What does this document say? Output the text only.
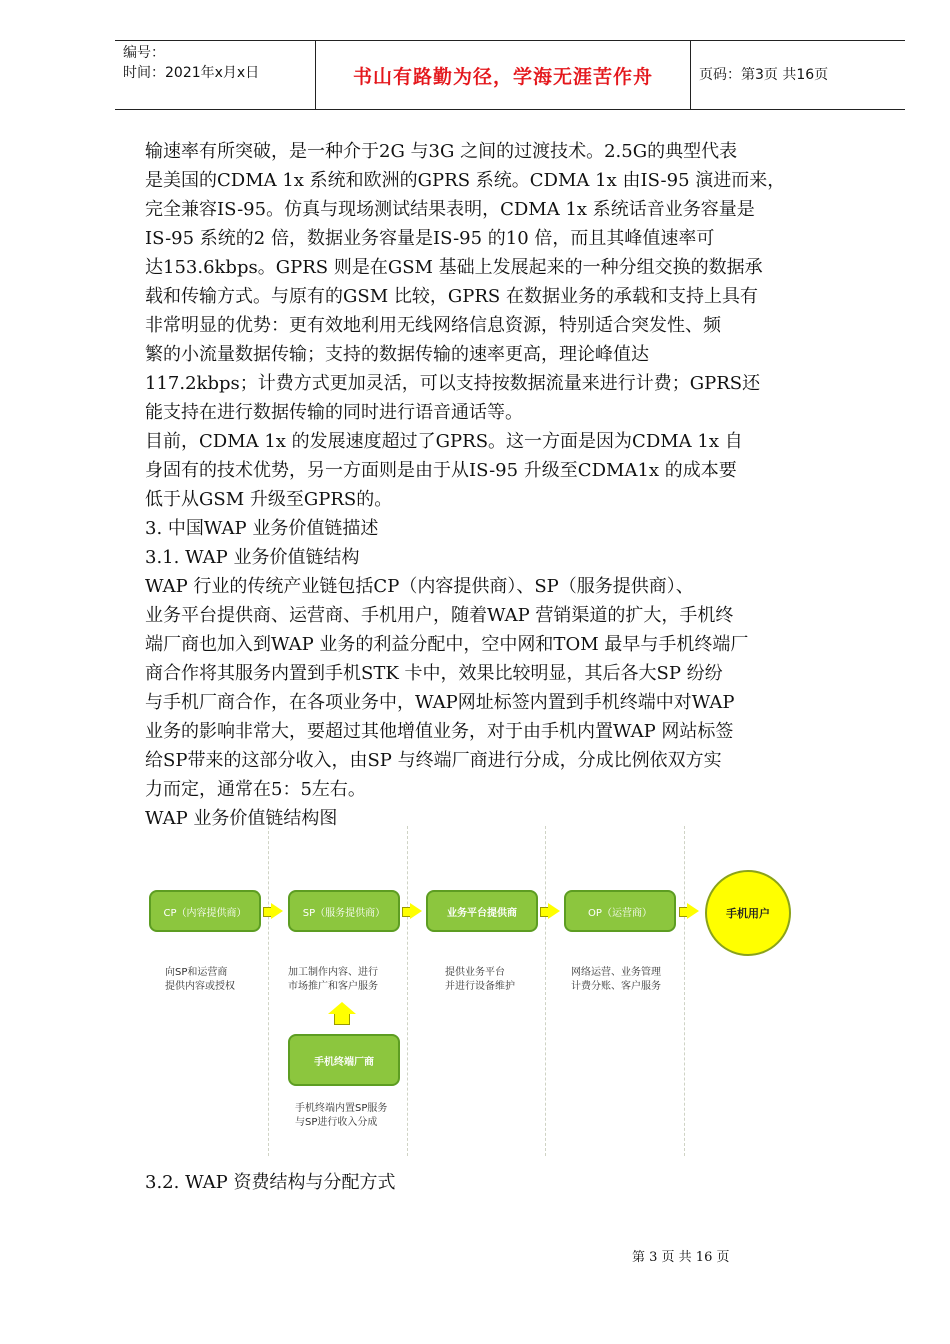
编号：
时间：2021年x月x日	书山有路勤为径，学海无涯苦作舟	页码：第3页 共16页
输速率有所突破，是一种介于2G 与3G 之间的过渡技术。2.5G的典型代表
是美国的CDMA 1x 系统和欧洲的GPRS 系统。CDMA 1x 由IS-95 演进而来，
完全兼容IS-95。仿真与现场测试结果表明，CDMA 1x 系统话音业务容量是
IS-95 系统的2 倍，数据业务容量是IS-95 的10 倍，而且其峰值速率可
达153.6kbps。GPRS 则是在GSM 基础上发展起来的一种分组交换的数据承
载和传输方式。与原有的GSM 比较，GPRS 在数据业务的承载和支持上具有
非常明显的优势：更有效地利用无线网络信息资源，特别适合突发性、频
繁的小流量数据传输；支持的数据传输的速率更高，理论峰值达
117.2kbps；计费方式更加灵活，可以支持按数据流量来进行计费；GPRS还
能支持在进行数据传输的同时进行语音通话等。
目前，CDMA 1x 的发展速度超过了GPRS。这一方面是因为CDMA 1x 自
身固有的技术优势，另一方面则是由于从IS-95 升级至CDMA1x 的成本要
低于从GSM 升级至GPRS的。
3. 中国WAP 业务价值链描述
3.1. WAP 业务价值链结构
WAP 行业的传统产业链包括CP（内容提供商）、SP（服务提供商）、
业务平台提供商、运营商、手机用户，随着WAP 营销渠道的扩大，手机终
端厂商也加入到WAP 业务的利益分配中，空中网和TOM 最早与手机终端厂
商合作将其服务内置到手机STK 卡中，效果比较明显，其后各大SP 纷纷
与手机厂商合作，在各项业务中，WAP网址标签内置到手机终端中对WAP
业务的影响非常大，要超过其他增值业务，对于由手机内置WAP 网站标签
给SP带来的这部分收入，由SP 与终端厂商进行分成，分成比例依双方实
力而定，通常在5：5左右。
WAP 业务价值链结构图
CP（内容提供商）	SP（服务提供商）	业务平台提供商	OP（运营商）	手机用户
向SP和运营商
提供内容或授权
加工制作内容、进行
市场推广和客户服务
提供业务平台
并进行设备维护
网络运营、业务管理
计费分账、客户服务
手机终端厂商
手机终端内置SP服务
与SP进行收入分成
3.2. WAP 资费结构与分配方式
第 3 页 共 16 页
